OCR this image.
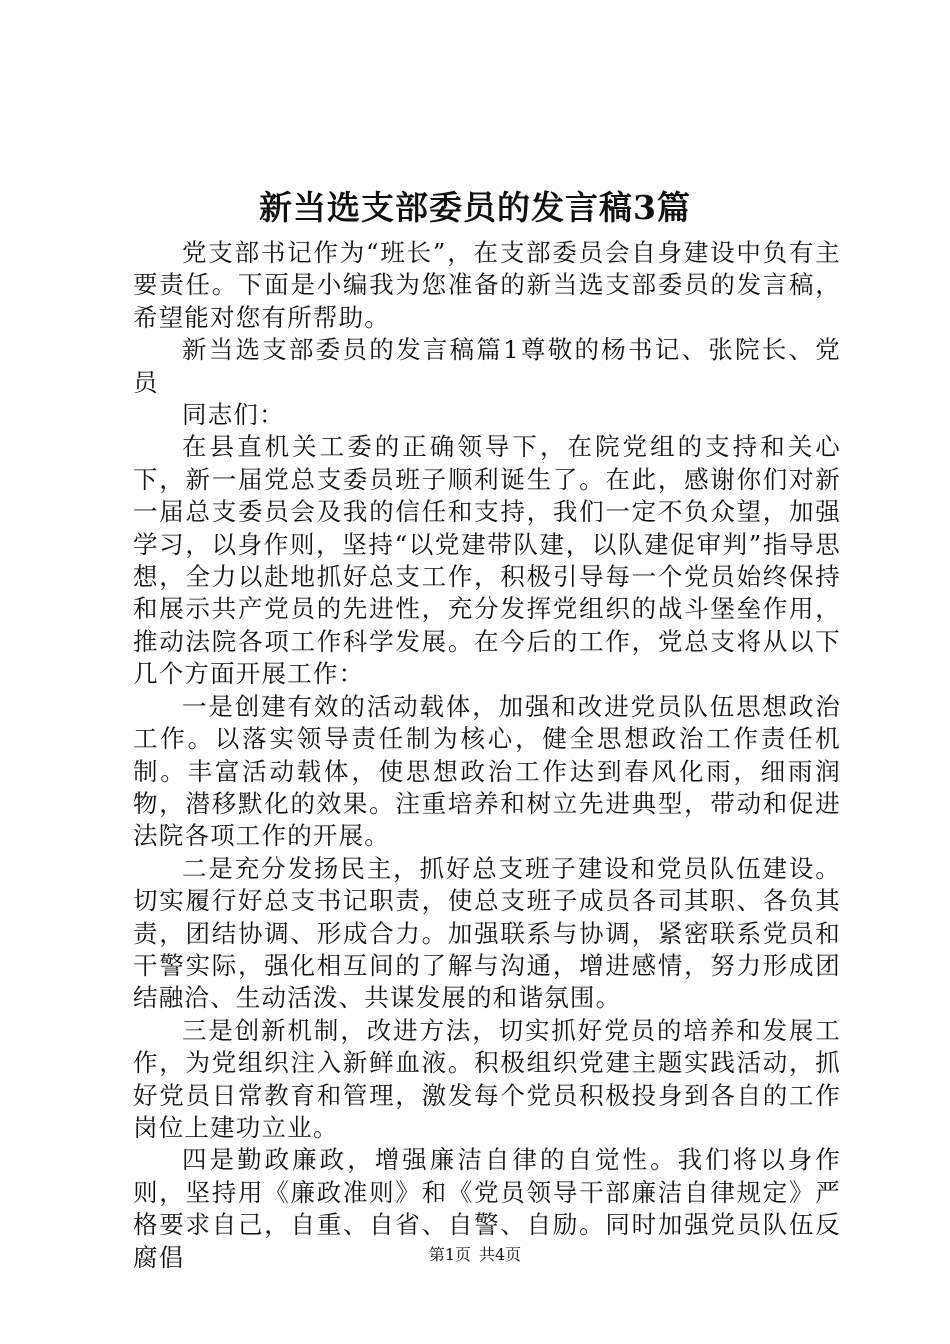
新当选支部委员的发言稿3篇

党支部书记作为“班长”，在支部委员会自身建设中负有主要责任。下面是小编我为您准备的新当选支部委员的发言稿，希望能对您有所帮助。

新当选支部委员的发言稿篇1尊敬的杨书记、张院长、党员

同志们：

在县直机关工委的正确领导下，在院党组的支持和关心下，新一届党总支委员班子顺利诞生了。在此，感谢你们对新一届总支委员会及我的信任和支持，我们一定不负众望，加强学习，以身作则，坚持“以党建带队建，以队建促审判”指导思想，全力以赴地抓好总支工作，积极引导每一个党员始终保持和展示共产党员的先进性，充分发挥党组织的战斗堡垒作用，推动法院各项工作科学发展。在今后的工作，党总支将从以下几个方面开展工作：

一是创建有效的活动载体，加强和改进党员队伍思想政治工作。以落实领导责任制为核心，健全思想政治工作责任机制。丰富活动载体，使思想政治工作达到春风化雨，细雨润物，潜移默化的效果。注重培养和树立先进典型，带动和促进法院各项工作的开展。

二是充分发扬民主，抓好总支班子建设和党员队伍建设。切实履行好总支书记职责，使总支班子成员各司其职、各负其责，团结协调、形成合力。加强联系与协调，紧密联系党员和干警实际，强化相互间的了解与沟通，增进感情，努力形成团结融洽、生动活泼、共谋发展的和谐氛围。

三是创新机制，改进方法，切实抓好党员的培养和发展工作，为党组织注入新鲜血液。积极组织党建主题实践活动，抓好党员日常教育和管理，激发每个党员积极投身到各自的工作岗位上建功立业。

四是勤政廉政，增强廉洁自律的自觉性。我们将以身作则，坚持用《廉政准则》和《党员领导干部廉洁自律规定》严格要求自己，自重、自省、自警、自励。同时加强党员队伍反腐倡	第1页 共4页
